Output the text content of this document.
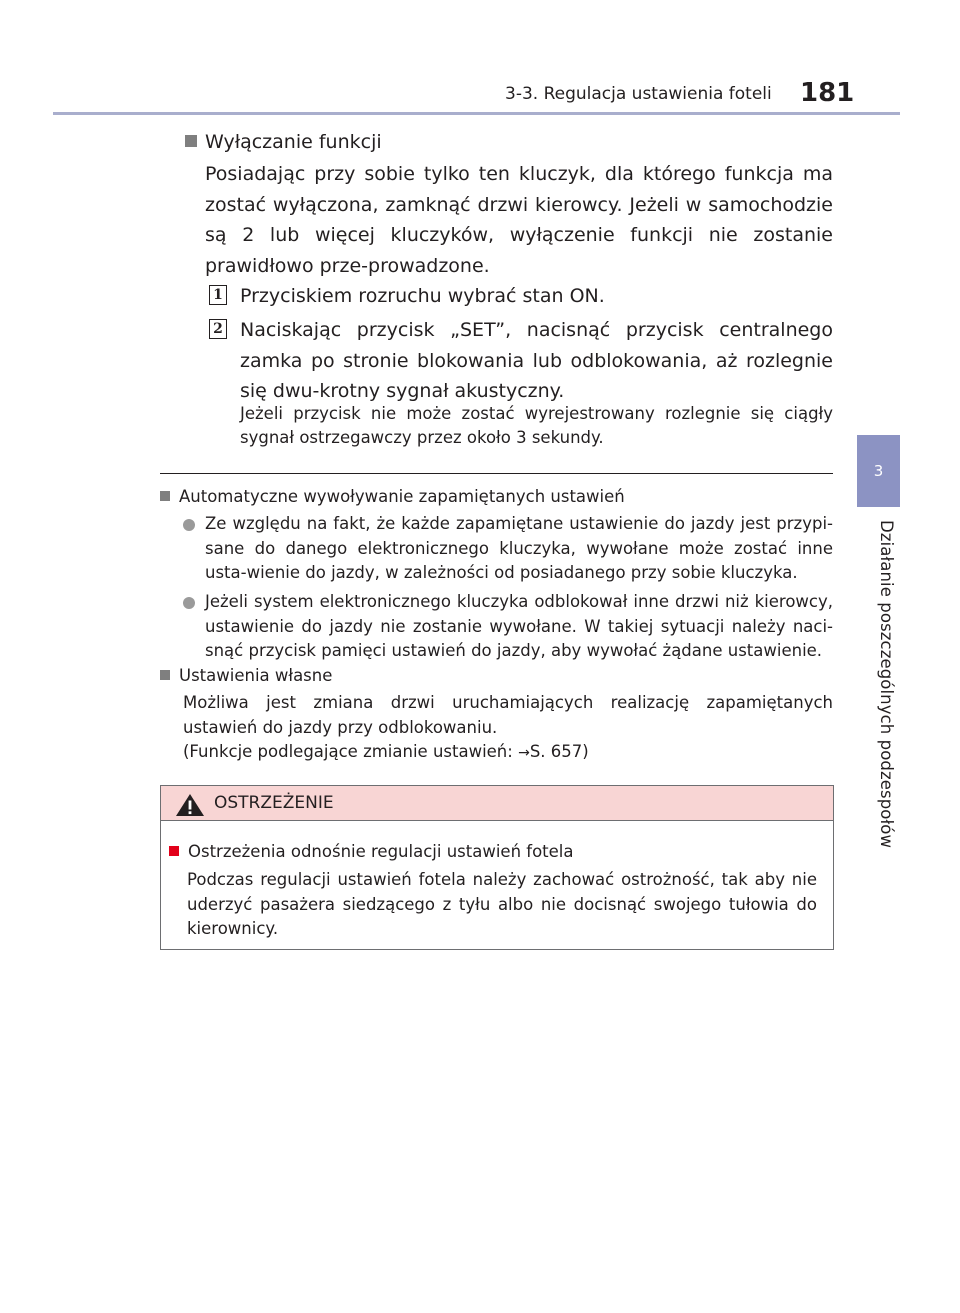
3-3. Regulacja ustawienia foteli	181
3
Działanie poszczególnych podzespołów
Wyłączanie funkcji
Posiadając przy sobie tylko ten kluczyk, dla którego funkcja ma zostać wyłączona, zamknąć drzwi kierowcy. Jeżeli w samochodzie są 2 lub więcej kluczyków, wyłączenie funkcji nie zostanie prawidłowo prze-prowadzone.
1 Przyciskiem rozruchu wybrać stan ON.
2 Naciskając przycisk „SET”, nacisnąć przycisk centralnego zamka po stronie blokowania lub odblokowania, aż rozlegnie się dwu-krotny sygnał akustyczny.
Jeżeli przycisk nie może zostać wyrejestrowany rozlegnie się ciągły sygnał ostrzegawczy przez około 3 sekundy.
Automatyczne wywoływanie zapamiętanych ustawień
Ze względu na fakt, że każde zapamiętane ustawienie do jazdy jest przypi-sane do danego elektronicznego kluczyka, wywołane może zostać inne usta-wienie do jazdy, w zależności od posiadanego przy sobie kluczyka.
Jeżeli system elektronicznego kluczyka odblokował inne drzwi niż kierowcy, ustawienie do jazdy nie zostanie wywołane. W takiej sytuacji należy naci-snąć przycisk pamięci ustawień do jazdy, aby wywołać żądane ustawienie.
Ustawienia własne
Możliwa jest zmiana drzwi uruchamiających realizację zapamiętanych ustawień do jazdy przy odblokowaniu.
(Funkcje podlegające zmianie ustawień: →S. 657)
OSTRZEŻENIE
Ostrzeżenia odnośnie regulacji ustawień fotela
Podczas regulacji ustawień fotela należy zachować ostrożność, tak aby nie uderzyć pasażera siedzącego z tyłu albo nie docisnąć swojego tułowia do kierownicy.
